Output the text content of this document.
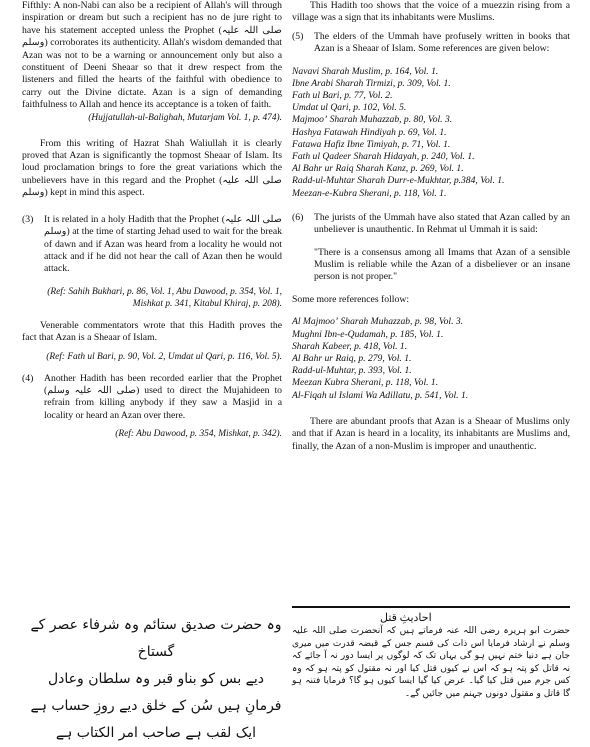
Fifthly: A non-Nabi can also be a recipient of Allah's will through inspiration or dream but such a recipient has no de jure right to have his statement accepted unless the Prophet (صلی اللہ علیہ وسلم) corroborates its authenticity. Allah's wisdom demanded that Azan was not to be a warning or announcement only but also a constituent of Deeni Sheaar so that it drew respect from the listeners and filled the hearts of the faithful with obedience to carry out the Divine dictate. Azan is a sign of demanding faithfulness to Allah and hence its acceptance is a token of faith.

(Hujjatullah-ul-Balighah, Mutarjam Vol. 1, p. 474).

From this writing of Hazrat Shah Waliullah it is clearly proved that Azan is significantly the topmost Sheaar of Islam. Its loud proclamation brings to fore the great variations which the unbelievers have in this regard and the Prophet (صلی اللہ علیہ وسلم) kept in mind this aspect.

(3)	It is related in a holy Hadith that the Prophet (صلی اللہ علیہ وسلم) at the time of starting Jehad used to wait for the break of dawn and if Azan was heard from a locality he would not attack and if he did not hear the call of Azan then he would attack.

(Ref: Sahih Bukhari, p. 86, Vol. 1, Abu Dawood, p. 354, Vol. 1, Mishkat p. 341, Kitabul Khiraj, p. 208).

Venerable commentators wrote that this Hadith proves the fact that Azan is a Sheaar of Islam.

(Ref: Fath ul Bari, p. 90, Vol. 2, Umdat ul Qari, p. 116, Vol. 5).

(4)	Another Hadith has been recorded earlier that the Prophet (صلی اللہ علیہ وسلم) used to direct the Mujahideen to refrain from killing anybody if they saw a Masjid in a locality or heard an Azan over there.

(Ref: Abu Dawood, p. 354, Mishkat, p. 342).

وہ حضرت صدیق ستائم وہ شرفاء عصر کے گستاخ
دیے بس کو بناو قبر وہ سلطان وعادل
فرمانِ ہیں سُن کے خلق دیے روزِ حساب ہے
ایک لقب ہے صاحب امر الکتاب ہے

This Hadith too shows that the voice of a muezzin rising from a village was a sign that its inhabitants were Muslims.

(5)	The elders of the Ummah have profusely written in books that Azan is a Sheaar of Islam. Some references are given below:

Navavi Sharah Muslim, p. 164, Vol. 1.

Ibne Arabi Sharah Tirmizi, p. 309, Vol. 1.

Fath ul Bari, p. 77, Vol. 2.

Umdat ul Qari, p. 102, Vol. 5.

Majmooʼ Sharah Muhazzab, p. 80, Vol. 3.

Hashya Fatawah Hindiyah p. 69, Vol. 1.

Fatawa Hafiz Ibne Timiyah, p. 71, Vol. 1.

Fath ul Qadeer Sharah Hidayah, p. 240, Vol. 1.

Al Bahr ur Raiq Sharah Kanz, p. 269, Vol. 1.

Radd-ul-Muhtar Sharah Durr-e-Mukhtar, p.384, Vol. 1.

Meezan-e-Kubra Sherani, p. 118, Vol. 1.

(6)	The jurists of the Ummah have also stated that Azan called by an unbeliever is unauthentic. In Rehmat ul Ummah it is said:

"There is a consensus among all Imams that Azan of a sensible Muslim is reliable while the Azan of a disbeliever or an insane person is not proper."

Some more references follow:

Al Majmooʼ Sharah Muhazzab, p. 98, Vol. 3.

Mughni Ibn-e-Qudamah, p. 185, Vol. 1.

Sharah Kabeer, p. 418, Vol. 1.

Al Bahr ur Raiq, p. 279, Vol. 1.

Radd-ul-Muhtar, p. 393, Vol. 1.

Meezan Kubra Sherani, p. 118, Vol. 1.

Al-Fiqah ul Islami Wa Adillatu, p. 541, Vol. 1.

There are abundant proofs that Azan is a Sheaar of Muslims only and that if Azan is heard in a locality, its inhabitants are Muslims and, finally, the Azan of a non-Muslim is improper and unauthentic.

احادیثِ قتل
حضرت ابو ہریرہ رضی اللہ عنہ فرماتے ہیں کہ آنحضرت صلی اللہ علیہ وسلم نے ارشاد فرمایا اس ذات کی قسم جس کے قبضہ قدرت میں میری جان ہے دنیا ختم نہیں ہو گی یہاں تک کہ لوگوں پر ایسا دور نہ آ جائے کہ نہ قاتل کو پتہ ہو کہ اس نے کیوں قتل کیا اور نہ مقتول کو پتہ ہو کہ وہ کس جرم میں قتل کیا گیا۔ عرض کیا گیا ایسا کیوں ہو گا؟ فرمایا فتنہ ہو گا قاتل و مقتول دونوں جہنم میں جائیں گے۔
